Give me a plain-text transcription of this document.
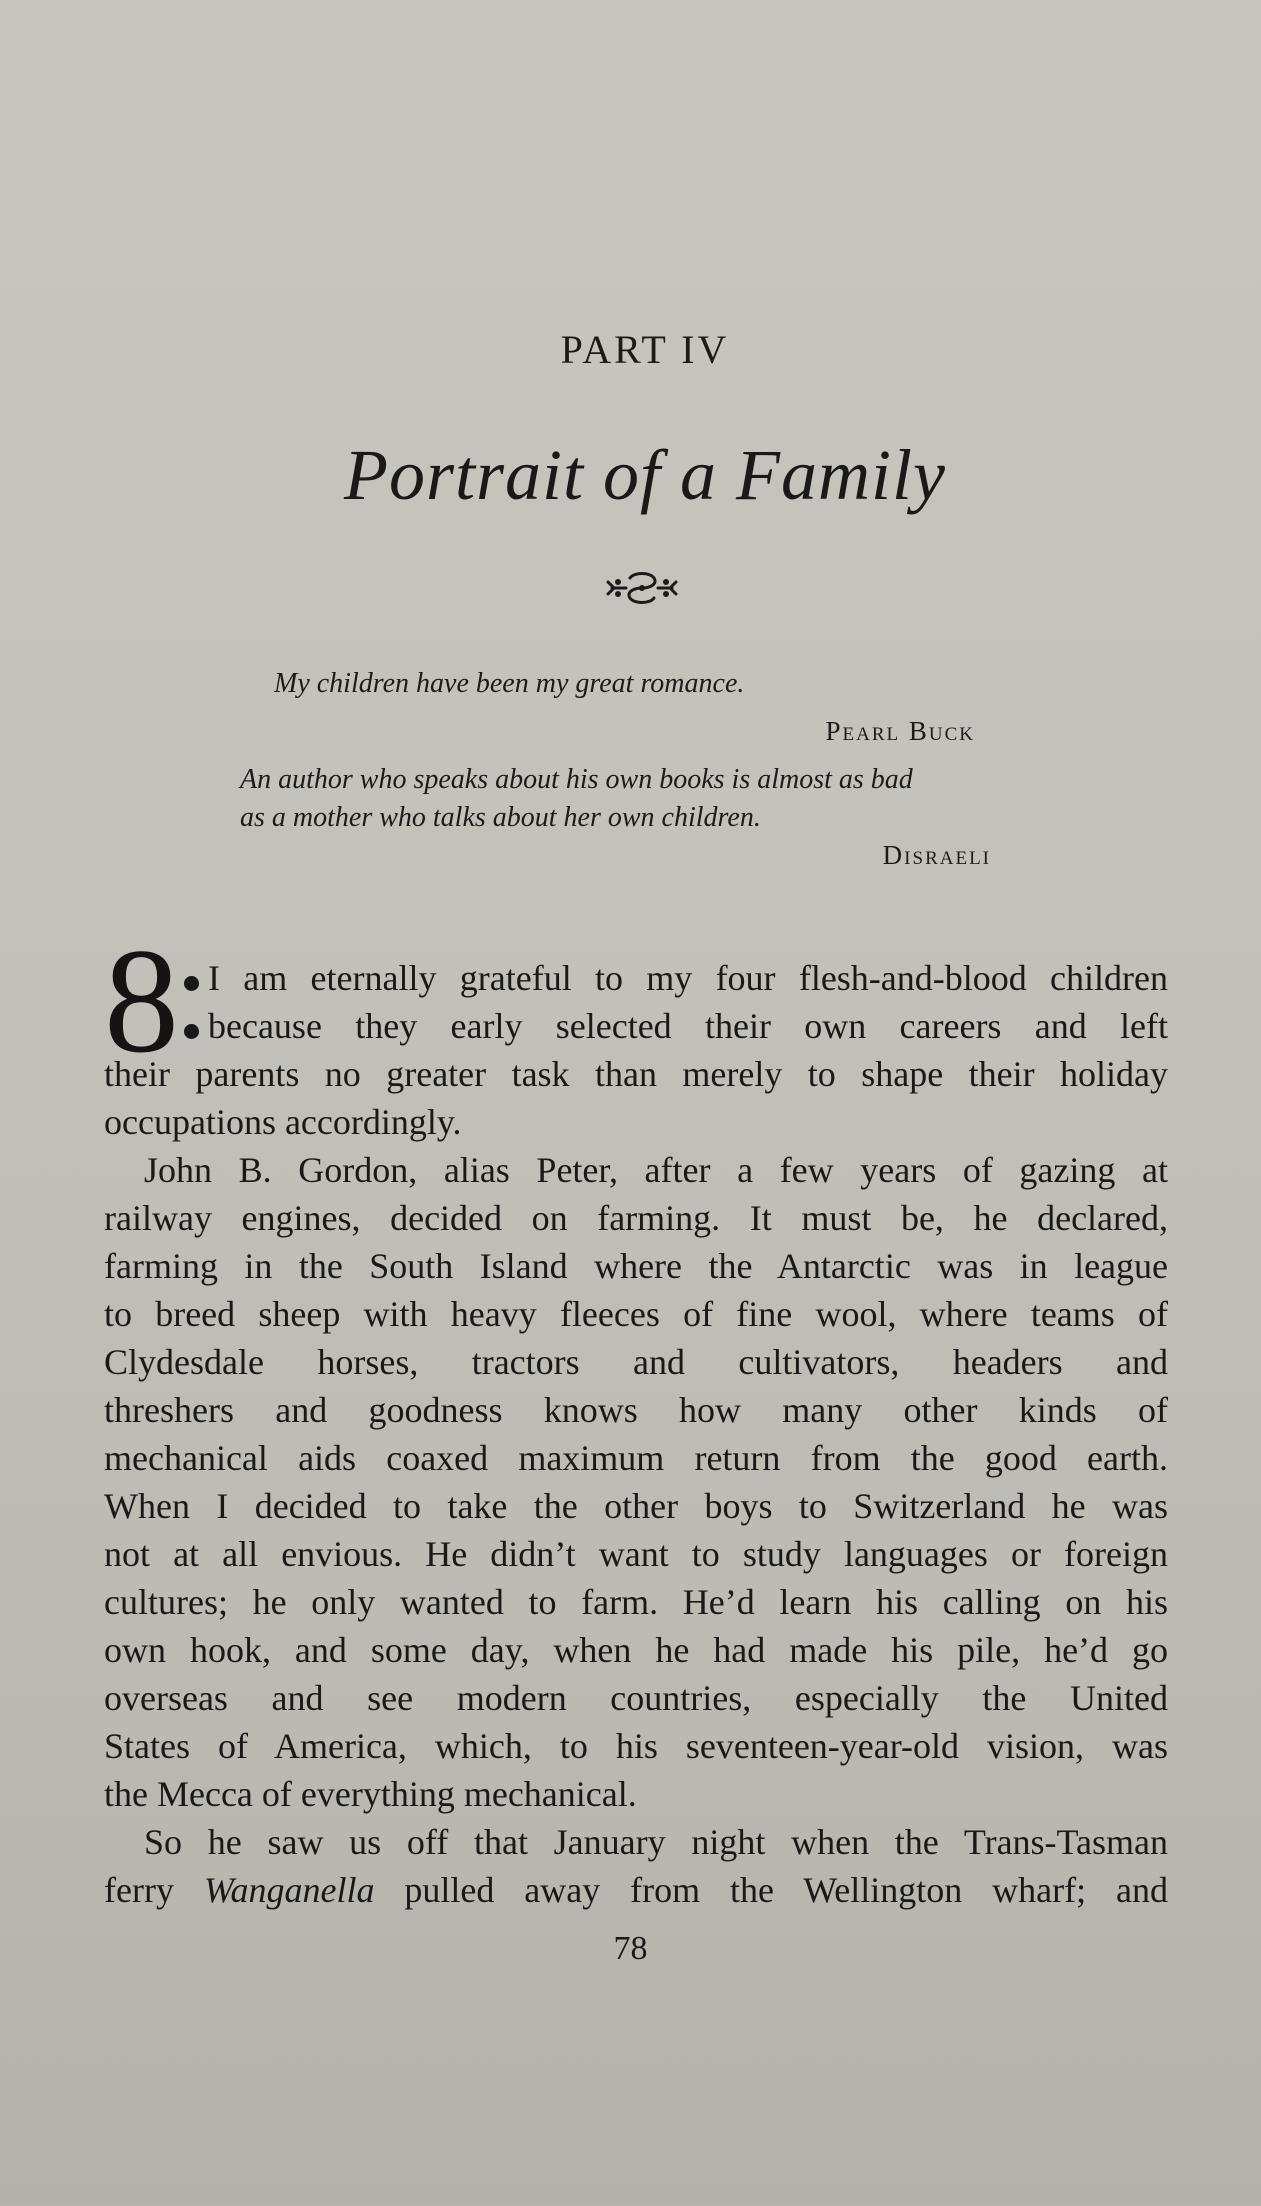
PART IV
Portrait of a Family
My children have been my great romance.
Pearl Buck
An author who speaks about his own books is almost as bad
as a mother who talks about her own children.
Disraeli
8 I am eternally grateful to my four flesh-and-blood children
because they early selected their own careers and left
their parents no greater task than merely to shape their holiday
occupations accordingly.
John B. Gordon, alias Peter, after a few years of gazing at
railway engines, decided on farming. It must be, he declared,
farming in the South Island where the Antarctic was in league
to breed sheep with heavy fleeces of fine wool, where teams of
Clydesdale horses, tractors and cultivators, headers and
threshers and goodness knows how many other kinds of
mechanical aids coaxed maximum return from the good earth.
When I decided to take the other boys to Switzerland he was
not at all envious. He didn’t want to study languages or foreign
cultures; he only wanted to farm. He’d learn his calling on his
own hook, and some day, when he had made his pile, he’d go
overseas and see modern countries, especially the United
States of America, which, to his seventeen-year-old vision, was
the Mecca of everything mechanical.
So he saw us off that January night when the Trans-Tasman
ferry Wanganella pulled away from the Wellington wharf; and
78
